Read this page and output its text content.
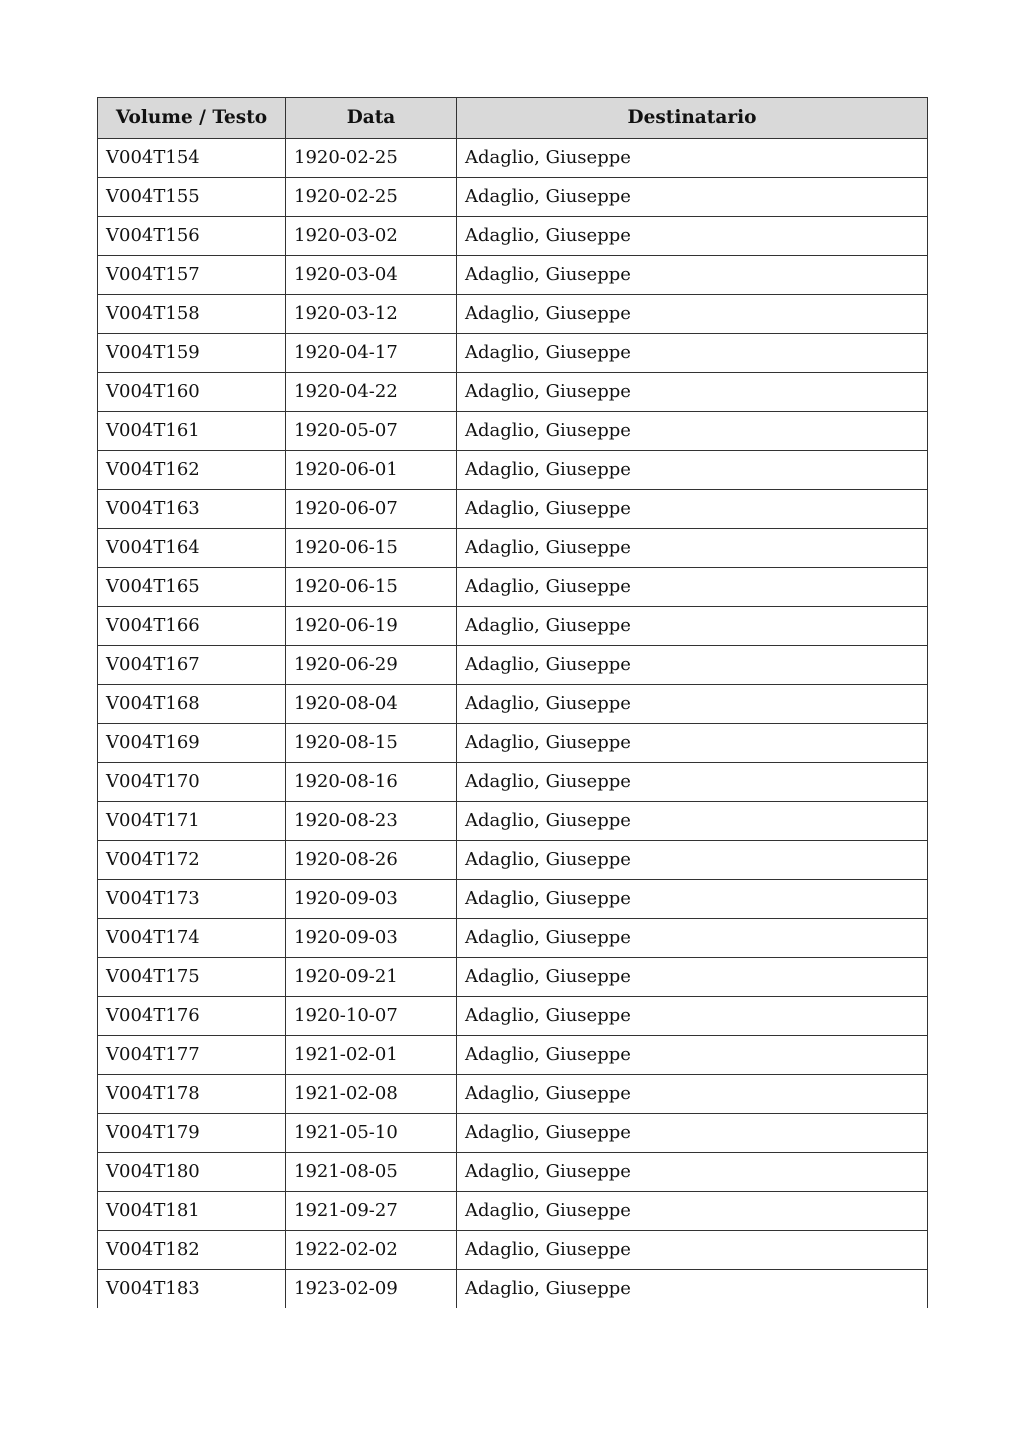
Volume / Testo	Data	Destinatario
V004T154	1920-02-25	Adaglio, Giuseppe
V004T155	1920-02-25	Adaglio, Giuseppe
V004T156	1920-03-02	Adaglio, Giuseppe
V004T157	1920-03-04	Adaglio, Giuseppe
V004T158	1920-03-12	Adaglio, Giuseppe
V004T159	1920-04-17	Adaglio, Giuseppe
V004T160	1920-04-22	Adaglio, Giuseppe
V004T161	1920-05-07	Adaglio, Giuseppe
V004T162	1920-06-01	Adaglio, Giuseppe
V004T163	1920-06-07	Adaglio, Giuseppe
V004T164	1920-06-15	Adaglio, Giuseppe
V004T165	1920-06-15	Adaglio, Giuseppe
V004T166	1920-06-19	Adaglio, Giuseppe
V004T167	1920-06-29	Adaglio, Giuseppe
V004T168	1920-08-04	Adaglio, Giuseppe
V004T169	1920-08-15	Adaglio, Giuseppe
V004T170	1920-08-16	Adaglio, Giuseppe
V004T171	1920-08-23	Adaglio, Giuseppe
V004T172	1920-08-26	Adaglio, Giuseppe
V004T173	1920-09-03	Adaglio, Giuseppe
V004T174	1920-09-03	Adaglio, Giuseppe
V004T175	1920-09-21	Adaglio, Giuseppe
V004T176	1920-10-07	Adaglio, Giuseppe
V004T177	1921-02-01	Adaglio, Giuseppe
V004T178	1921-02-08	Adaglio, Giuseppe
V004T179	1921-05-10	Adaglio, Giuseppe
V004T180	1921-08-05	Adaglio, Giuseppe
V004T181	1921-09-27	Adaglio, Giuseppe
V004T182	1922-02-02	Adaglio, Giuseppe
V004T183	1923-02-09	Adaglio, Giuseppe
